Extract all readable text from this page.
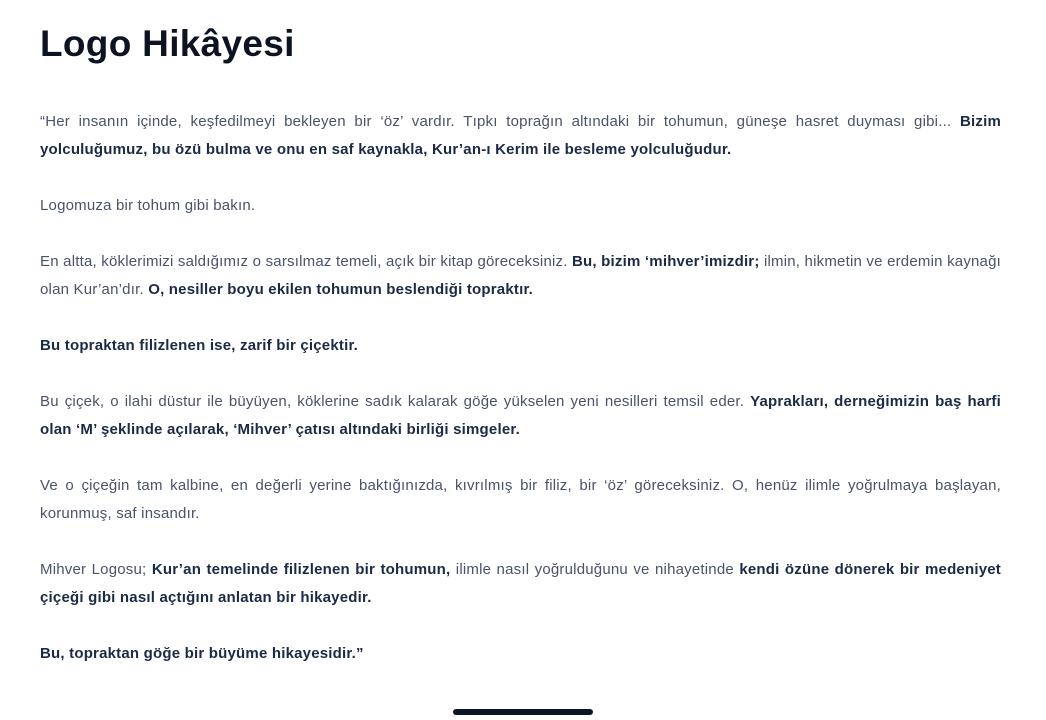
Logo Hikâyesi

“Her insanın içinde, keşfedilmeyi bekleyen bir ‘öz’ vardır. Tıpkı toprağın altındaki bir tohumun, güneşe hasret duyması gibi... Bizim yolculuğumuz, bu özü bulma ve onu en saf kaynakla, Kur’an-ı Kerim ile besleme yolculuğudur.

Logomuza bir tohum gibi bakın.

En altta, köklerimizi saldığımız o sarsılmaz temeli, açık bir kitap göreceksiniz. Bu, bizim ‘mihver’imizdir; ilmin, hikmetin ve erdemin kaynağı olan Kur’an’dır. O, nesiller boyu ekilen tohumun beslendiği topraktır.

Bu topraktan filizlenen ise, zarif bir çiçektir.

Bu çiçek, o ilahi düstur ile büyüyen, köklerine sadık kalarak göğe yükselen yeni nesilleri temsil eder. Yaprakları, derneğimizin baş harfi olan ‘M’ şeklinde açılarak, ‘Mihver’ çatısı altındaki birliği simgeler.

Ve o çiçeğin tam kalbine, en değerli yerine baktığınızda, kıvrılmış bir filiz, bir ‘öz’ göreceksiniz. O, henüz ilimle yoğrulmaya başlayan, korunmuş, saf insandır.

Mihver Logosu; Kur’an temelinde filizlenen bir tohumun, ilimle nasıl yoğrulduğunu ve nihayetinde kendi özüne dönerek bir medeniyet çiçeği gibi nasıl açtığını anlatan bir hikayedir.

Bu, topraktan göğe bir büyüme hikayesidir.”
